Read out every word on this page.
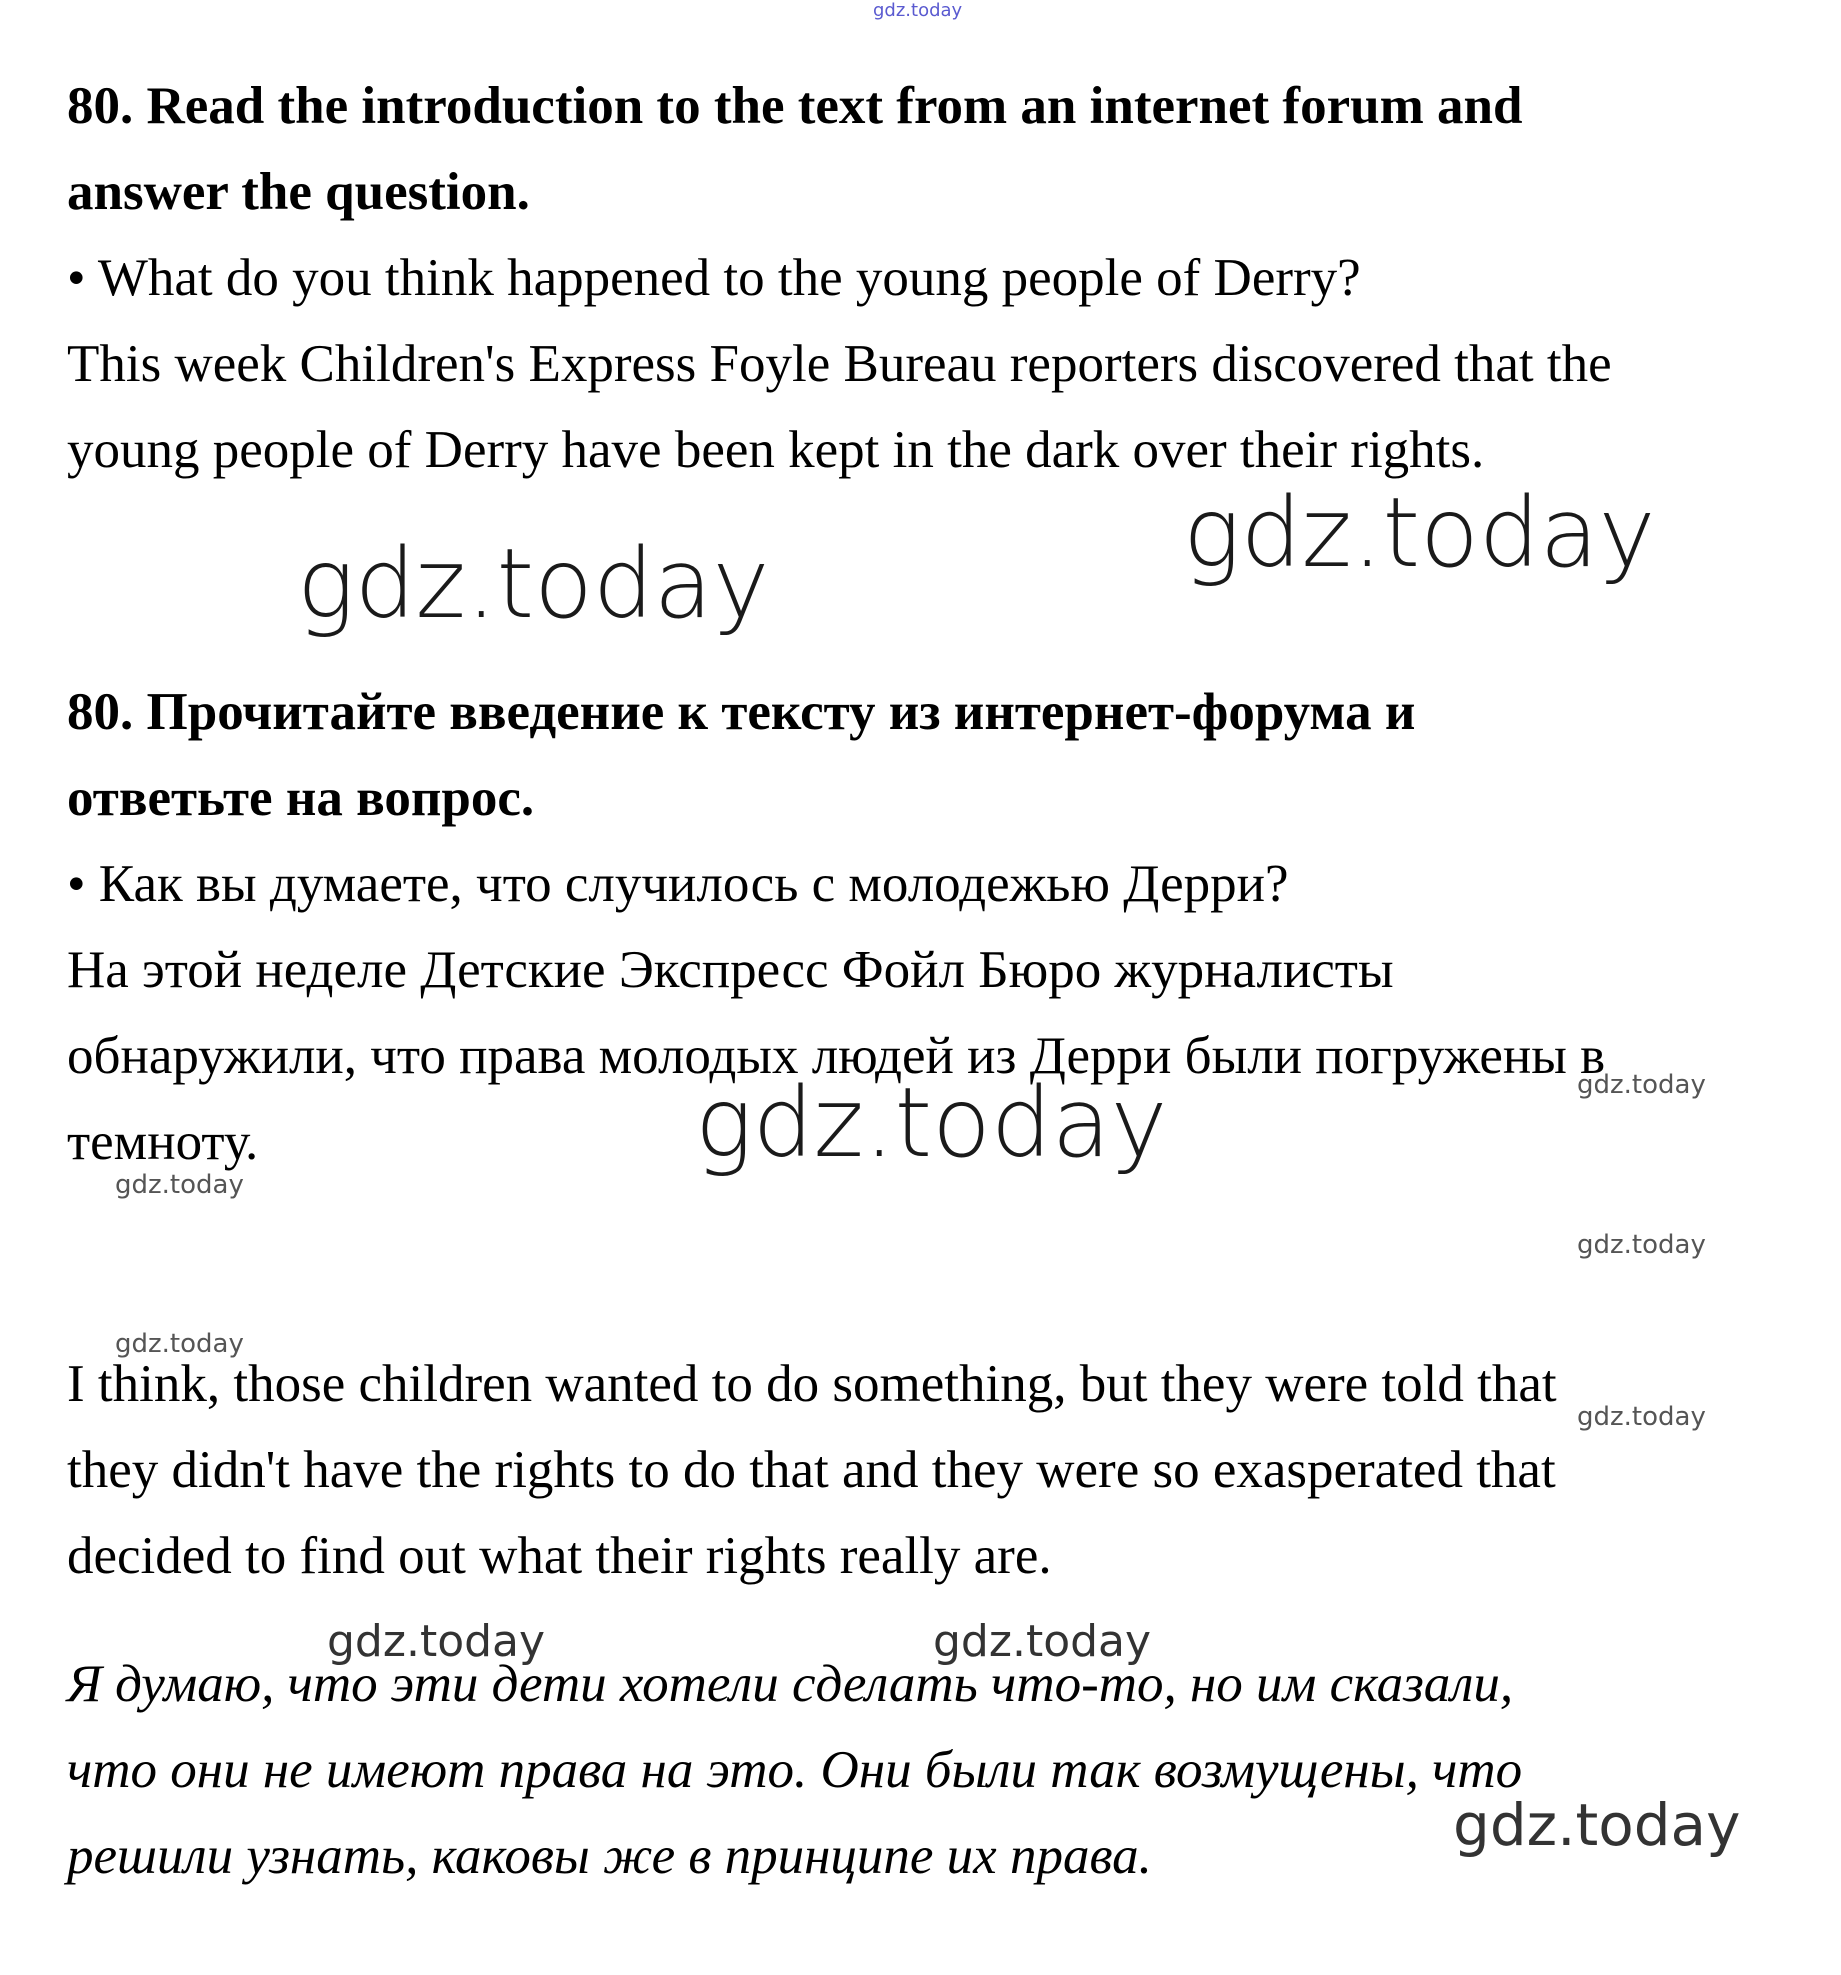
80. Read the introduction to the text from an internet forum and
answer the question.
• What do you think happened to the young people of Derry?
This week Children's Express Foyle Bureau reporters discovered that the
young people of Derry have been kept in the dark over their rights.
80. Прочитайте введение к тексту из интернет-форума и
ответьте на вопрос.
• Как вы думаете, что случилось с молодежью Дерри?
На этой неделе Детские Экспресс Фойл Бюро журналисты
обнаружили, что права молодых людей из Дерри были погружены в
темноту.
I think, those children wanted to do something, but they were told that
they didn't have the rights to do that and they were so exasperated that
decided to find out what their rights really are.
Я думаю, что эти дети хотели сделать что-то, но им сказали,
что они не имеют права на это. Они были так возмущены, что
решили узнать, каковы же в принципе их права.
gdz.today
gdz.today
gdz.today
gdz.today
gdz.today
gdz.today
gdz.today
gdz.today
gdz.today
gdz.today	gdz.today
gdz.today
